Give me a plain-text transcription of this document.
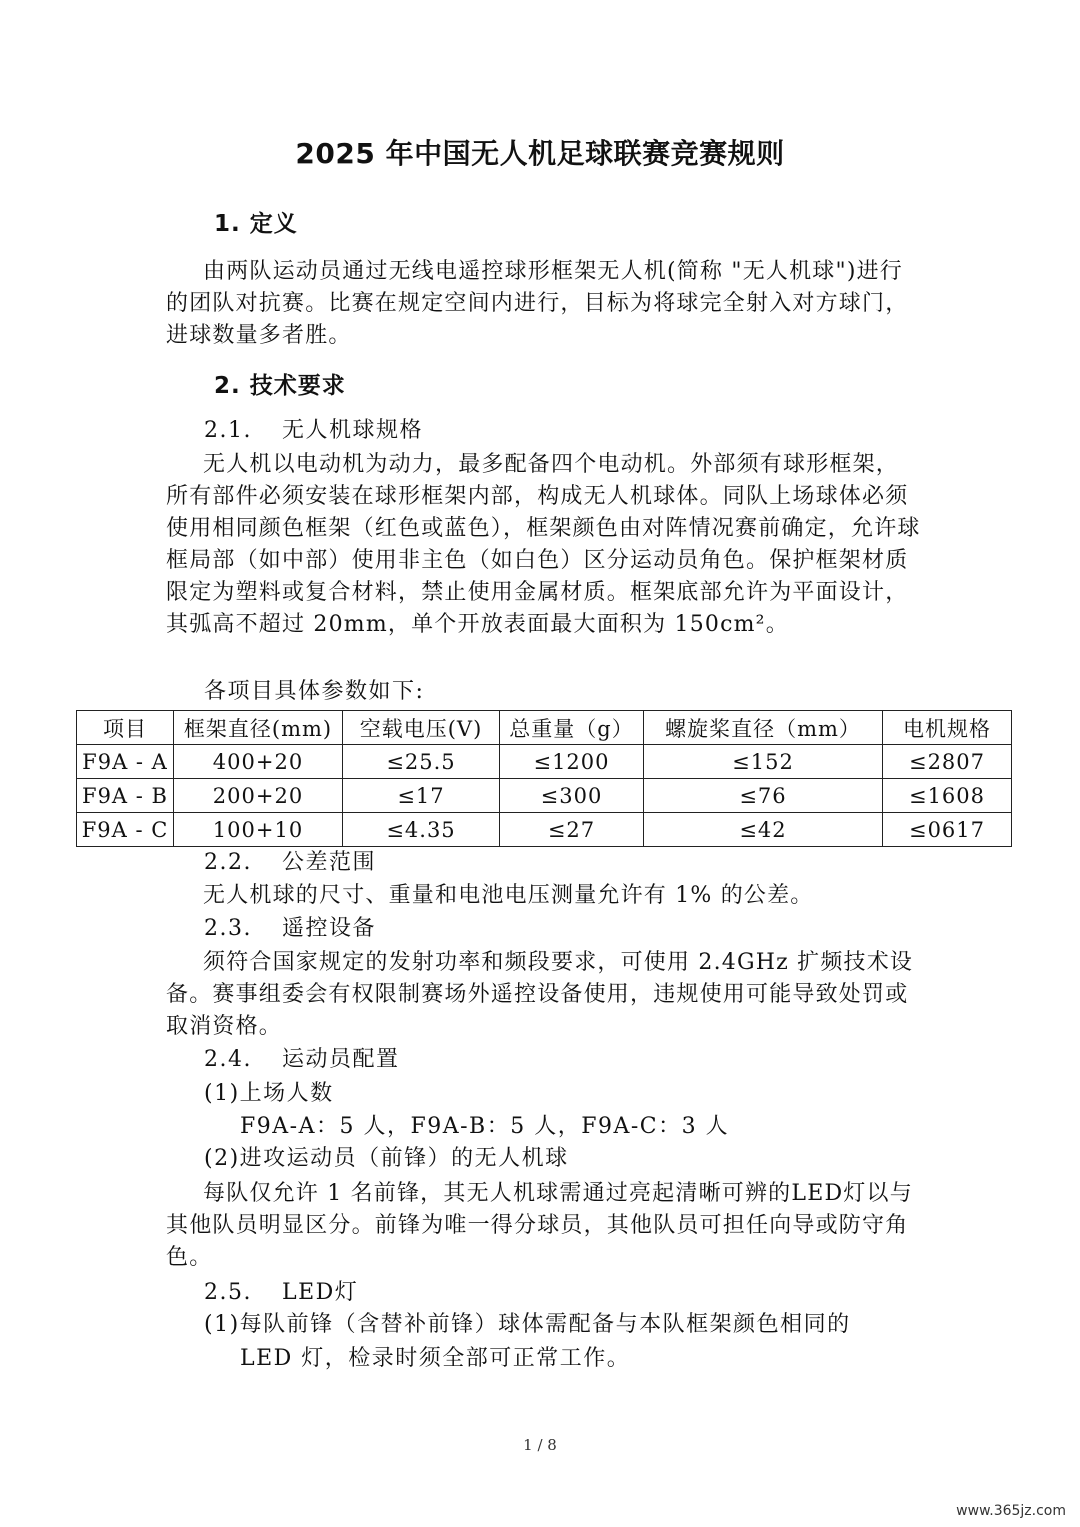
2025 年中国无人机足球联赛竞赛规则
1. 定义
由两队运动员通过无线电遥控球形框架无人机(简称 "无人机球")进行的团队对抗赛。比赛在规定空间内进行，目标为将球完全射入对方球门，进球数量多者胜。
2. 技术要求
2.1. 无人机球规格
无人机以电动机为动力，最多配备四个电动机。外部须有球形框架，所有部件必须安装在球形框架内部，构成无人机球体。同队上场球体必须使用相同颜色框架（红色或蓝色），框架颜色由对阵情况赛前确定，允许球框局部（如中部）使用非主色（如白色）区分运动员角色。保护框架材质限定为塑料或复合材料，禁止使用金属材质。框架底部允许为平面设计，其弧高不超过 20mm，单个开放表面最大面积为 150cm²。
各项目具体参数如下:
项目	框架直径(mm)	空载电压(V)	总重量（g）	螺旋桨直径（mm）	电机规格
F9A - A	400+20	≤25.5	≤1200	≤152	≤2807
F9A - B	200+20	≤17	≤300	≤76	≤1608
F9A - C	100+10	≤4.35	≤27	≤42	≤0617
2.2. 公差范围
无人机球的尺寸、重量和电池电压测量允许有 1% 的公差。
2.3. 遥控设备
须符合国家规定的发射功率和频段要求，可使用 2.4GHz 扩频技术设备。赛事组委会有权限制赛场外遥控设备使用，违规使用可能导致处罚或取消资格。
2.4. 运动员配置
(1)上场人数
F9A-A：5 人，F9A-B：5 人，F9A-C：3 人
(2)进攻运动员（前锋）的无人机球
每队仅允许 1 名前锋，其无人机球需通过亮起清晰可辨的LED灯以与其他队员明显区分。前锋为唯一得分球员，其他队员可担任向导或防守角色。
2.5. LED灯
(1)每队前锋（含替补前锋）球体需配备与本队框架颜色相同的
LED 灯，检录时须全部可正常工作。
1 / 8
www.365jz.com
